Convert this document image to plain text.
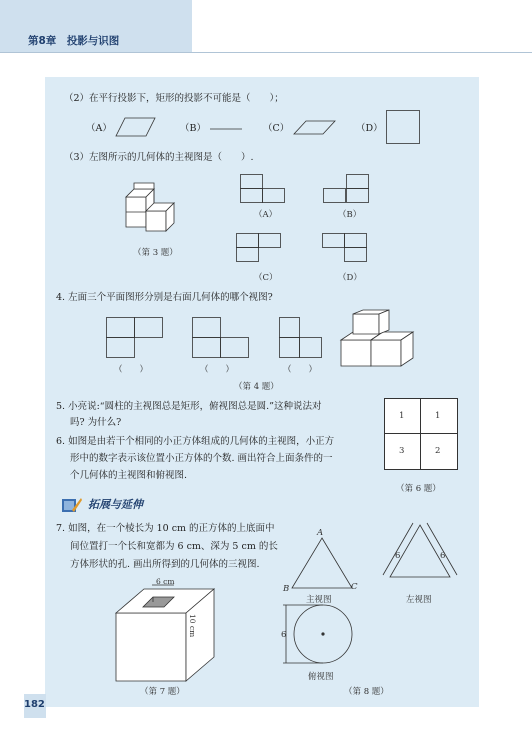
第8章　 投影与识图
（2）在平行投影下，矩形的投影不可能是（　　）；
（A）	（B）	（C）	（D）
（3）左图所示的几何体的主视图是（　　）.
（第 3 题）
（A）	（B）
（C）	（D）
4. 左面三个平面图形分别是右面几何体的哪个视图?
（　　）	（　　）	（　　）
（第 4 题）
5. 小亮说:“圆柱的主视图总是矩形，俯视图总是圆.”这种说法对
吗? 为什么?
6. 如图是由若干个相同的小正方体组成的几何体的主视图，小正方
形中的数字表示该位置小正方体的个数. 画出符合上面条件的一
个几何体的主视图和俯视图.
1	1
3	2
（第 6 题）
拓展与延伸
7. 如图，在一个棱长为 10 cm 的正方体的上底面中
间位置打一个长和宽都为 6 cm、深为 5 cm 的长
方体形状的孔. 画出所得到的几何体的三视图.
6 cm
10 cm
（第 7 题）
A
B	C
主视图
6	6
左视图
6
俯视图
（第 8 题）
182
